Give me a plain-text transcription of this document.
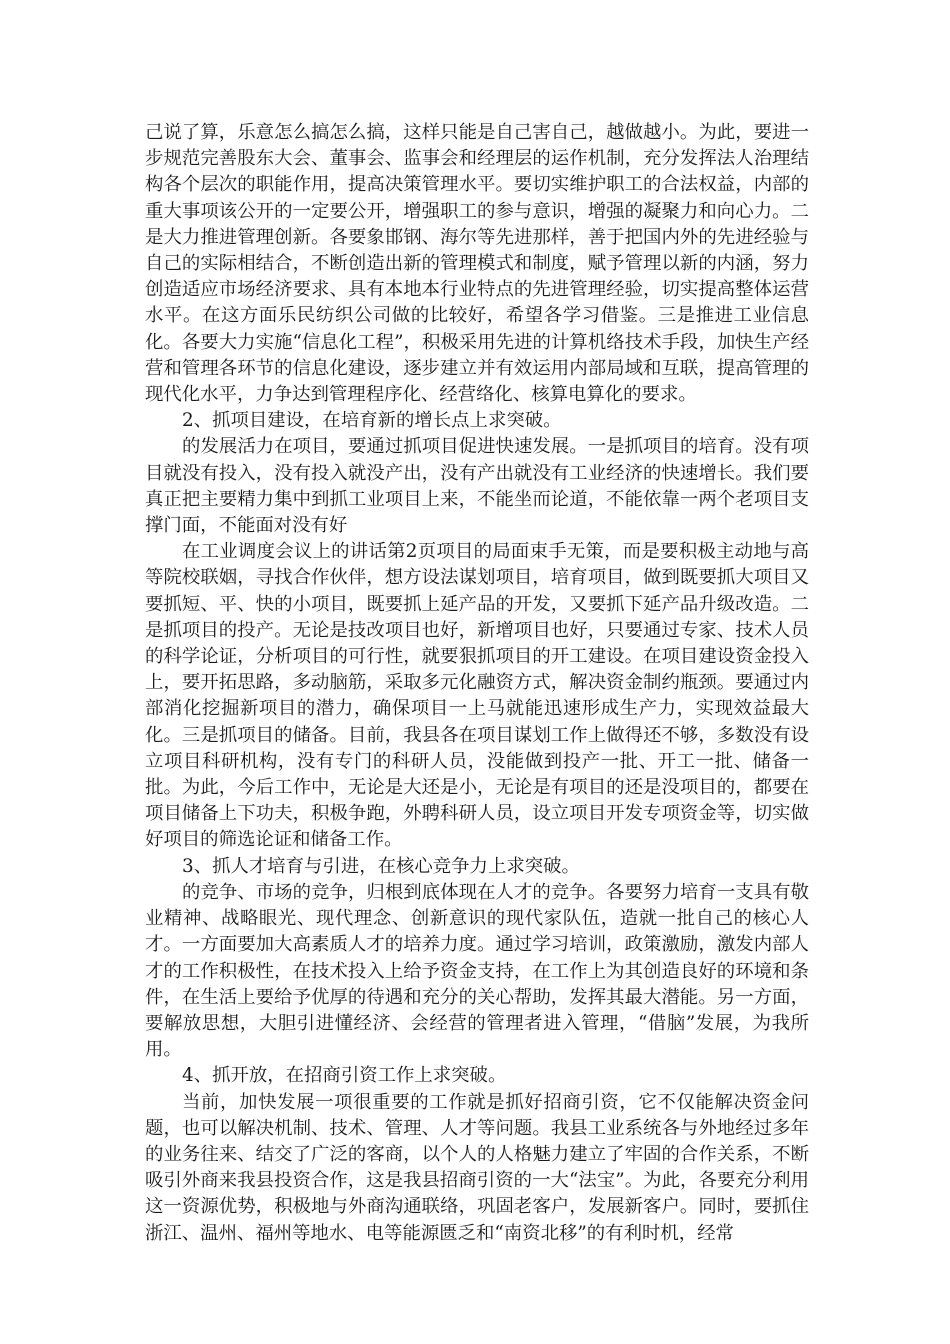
己说了算，乐意怎么搞怎么搞，这样只能是自己害自己，越做越小。为此，要进一步规范完善股东大会、董事会、监事会和经理层的运作机制，充分发挥法人治理结构各个层次的职能作用，提高决策管理水平。要切实维护职工的合法权益，内部的重大事项该公开的一定要公开，增强职工的参与意识，增强的凝聚力和向心力。二是大力推进管理创新。各要象邯钢、海尔等先进那样，善于把国内外的先进经验与自己的实际相结合，不断创造出新的管理模式和制度，赋予管理以新的内涵，努力创造适应市场经济要求、具有本地本行业特点的先进管理经验，切实提高整体运营水平。在这方面乐民纺织公司做的比较好，希望各学习借鉴。三是推进工业信息化。各要大力实施“信息化工程”，积极采用先进的计算机络技术手段，加快生产经营和管理各环节的信息化建设，逐步建立并有效运用内部局域和互联，提高管理的现代化水平，力争达到管理程序化、经营络化、核算电算化的要求。

2、抓项目建设，在培育新的增长点上求突破。

的发展活力在项目，要通过抓项目促进快速发展。一是抓项目的培育。没有项目就没有投入，没有投入就没产出，没有产出就没有工业经济的快速增长。我们要真正把主要精力集中到抓工业项目上来，不能坐而论道，不能依靠一两个老项目支撑门面，不能面对没有好

在工业调度会议上的讲话第2页项目的局面束手无策，而是要积极主动地与高等院校联姻，寻找合作伙伴，想方设法谋划项目，培育项目，做到既要抓大项目又要抓短、平、快的小项目，既要抓上延产品的开发，又要抓下延产品升级改造。二是抓项目的投产。无论是技改项目也好，新增项目也好，只要通过专家、技术人员的科学论证，分析项目的可行性，就要狠抓项目的开工建设。在项目建设资金投入上，要开拓思路，多动脑筋，采取多元化融资方式，解决资金制约瓶颈。要通过内部消化挖掘新项目的潜力，确保项目一上马就能迅速形成生产力，实现效益最大化。三是抓项目的储备。目前，我县各在项目谋划工作上做得还不够，多数没有设立项目科研机构，没有专门的科研人员，没能做到投产一批、开工一批、储备一批。为此，今后工作中，无论是大还是小，无论是有项目的还是没项目的，都要在项目储备上下功夫，积极争跑，外聘科研人员，设立项目开发专项资金等，切实做好项目的筛选论证和储备工作。

3、抓人才培育与引进，在核心竞争力上求突破。

的竞争、市场的竞争，归根到底体现在人才的竞争。各要努力培育一支具有敬业精神、战略眼光、现代理念、创新意识的现代家队伍，造就一批自己的核心人才。一方面要加大高素质人才的培养力度。通过学习培训，政策激励，激发内部人才的工作积极性，在技术投入上给予资金支持，在工作上为其创造良好的环境和条件，在生活上要给予优厚的待遇和充分的关心帮助，发挥其最大潜能。另一方面，要解放思想，大胆引进懂经济、会经营的管理者进入管理，“借脑”发展，为我所用。

4、抓开放，在招商引资工作上求突破。

当前，加快发展一项很重要的工作就是抓好招商引资，它不仅能解决资金问题，也可以解决机制、技术、管理、人才等问题。我县工业系统各与外地经过多年的业务往来、结交了广泛的客商，以个人的人格魅力建立了牢固的合作关系，不断吸引外商来我县投资合作，这是我县招商引资的一大“法宝”。为此，各要充分利用这一资源优势，积极地与外商沟通联络，巩固老客户，发展新客户。同时，要抓住浙江、温州、福州等地水、电等能源匮乏和“南资北移”的有利时机，经常
